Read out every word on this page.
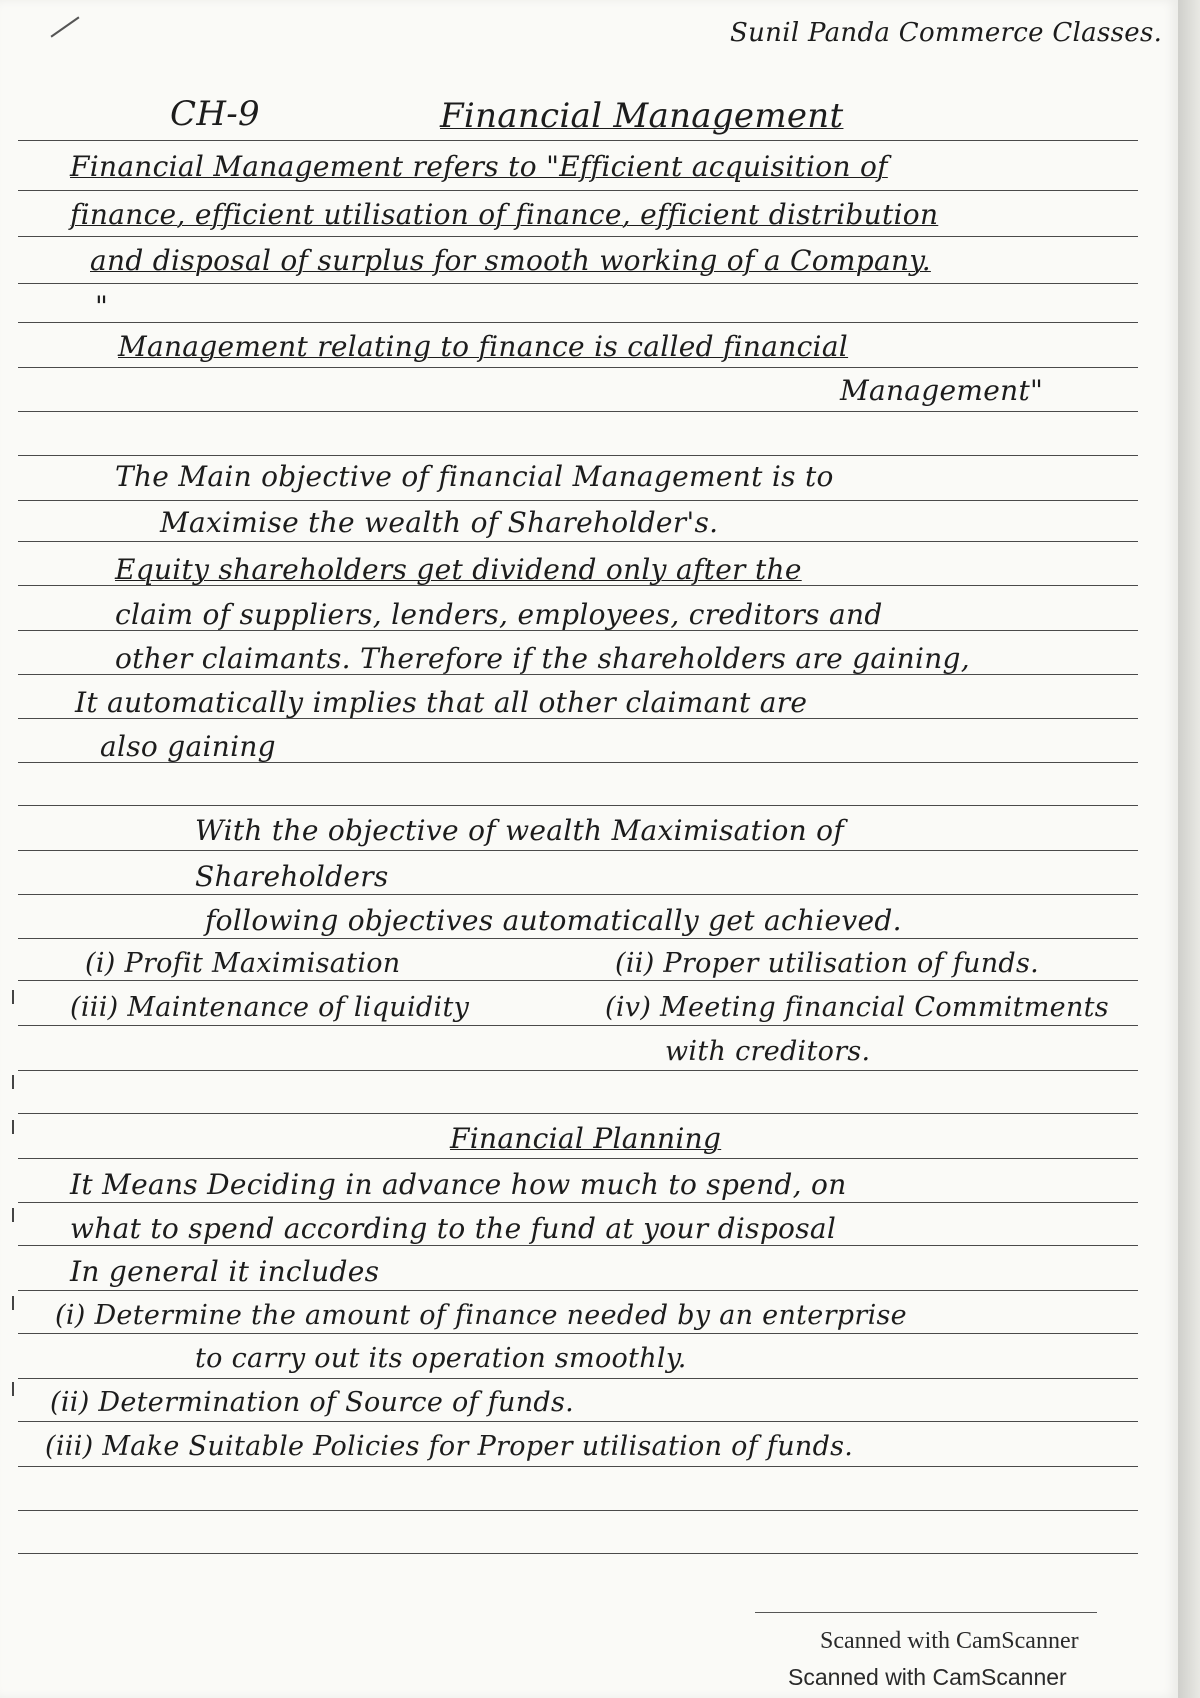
Sunil Panda Commerce Classes.
CH-9	Financial Management
Financial Management refers to "Efficient acquisition of
finance, efficient utilisation of finance, efficient distribution
and disposal of surplus for smooth working of a Company.
"
Management relating to finance is called financial
Management"
The Main objective of financial Management is to
Maximise the wealth of Shareholder's.
Equity shareholders get dividend only after the
claim of suppliers, lenders, employees, creditors and
other claimants. Therefore if the shareholders are gaining,
It automatically implies that all other claimant are
also gaining
With the objective of wealth Maximisation of
Shareholders
following objectives automatically get achieved.
(i) Profit Maximisation	(ii) Proper utilisation of funds.
(iii) Maintenance of liquidity	(iv) Meeting financial Commitments
with creditors.
Financial Planning
It Means Deciding in advance how much to spend, on
what to spend according to the fund at your disposal
In general it includes
(i) Determine the amount of finance needed by an enterprise
to carry out its operation smoothly.
(ii) Determination of Source of funds.
(iii) Make Suitable Policies for Proper utilisation of funds.
Scanned with CamScanner
Scanned with CamScanner
